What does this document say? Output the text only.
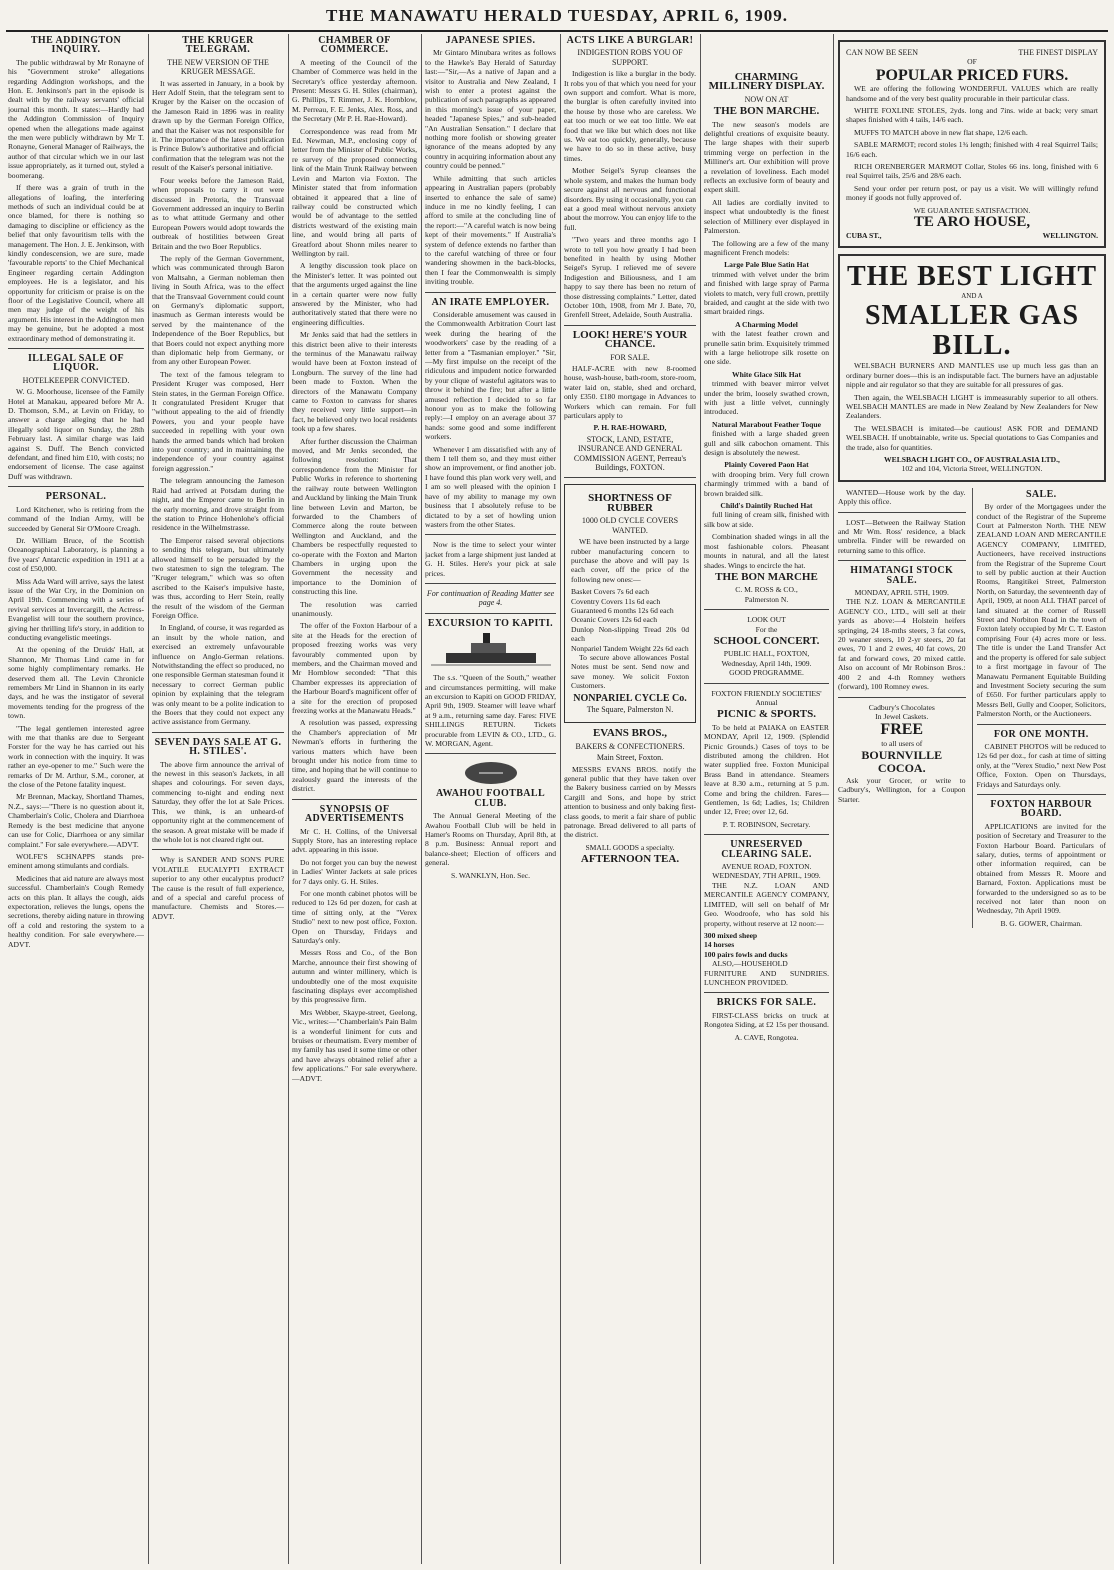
THE MANAWATU HERALD TUESDAY, APRIL 6, 1909.
THE ADDINGTON INQUIRY.

The public withdrawal by Mr Ronayne of his "Government stroke" allegations regarding Addington workshops, and the Hon. E. Jenkinson's part in the episode is dealt with by the railway servants' official journal this month. It states:—Hardly had the Addington Commission of Inquiry opened when the allegations made against the men were publicly withdrawn by Mr T. Ronayne, General Manager of Railways, the author of that circular which we in our last issue appropriately, as it turned out, styled a boomerang.

If there was a grain of truth in the allegations of loafing, the interfering methods of such an individual could be at once blamed, for there is nothing so damaging to discipline or efficiency as the belief that only favouritism tells with the management. The Hon. J. E. Jenkinson, with kindly condescension, we are sure, made 'favourable reports' to the Chief Mechanical Engineer regarding certain Addington employees. He is a legislator, and his opportunity for criticism or praise is on the floor of the Legislative Council, where all men may judge of the weight of his argument. His interest in the Addington men may be genuine, but he adopted a most extraordinary method of demonstrating it.

ILLEGAL SALE OF LIQUOR.
HOTELKEEPER CONVICTED.

W. G. Moorhouse, licensee of the Family Hotel at Manakau, appeared before Mr A. D. Thomson, S.M., at Levin on Friday, to answer a charge alleging that he had illegally sold liquor on Sunday, the 28th February last. A similar charge was laid against S. Duff. The Bench convicted defendant, and fined him £10, with costs; no endorsement of license. The case against Duff was withdrawn.

PERSONAL.

Lord Kitchener, who is retiring from the command of the Indian Army, will be succeeded by General Sir O'Moore Creagh.

Dr. William Bruce, of the Scottish Oceanographical Laboratory, is planning a five years' Antarctic expedition in 1911 at a cost of £50,000.

Miss Ada Ward will arrive, says the latest issue of the War Cry, in the Dominion on April 19th. Commencing with a series of revival services at Invercargill, the Actress-Evangelist will tour the southern province, giving her thrilling life's story, in addition to conducting evangelistic meetings.

At the opening of the Druids' Hall, at Shannon, Mr Thomas Lind came in for some highly complimentary remarks. He deserved them all. The Levin Chronicle remembers Mr Lind in Shannon in its early days, and he was the instigator of several movements tending for the progress of the town.

"The legal gentlemen interested agree with me that thanks are due to Sergeant Forster for the way he has carried out his work in connection with the inquiry. It was rather an eye-opener to me." Such were the remarks of Dr M. Arthur, S.M., coroner, at the close of the Petone fatality inquest.

Mr Brennan, Mackay, Shortland Thames, N.Z., says:—"There is no question about it, Chamberlain's Colic, Cholera and Diarrhoea Remedy is the best medicine that anyone can use for Colic, Diarrhoea or any similar complaint." For sale everywhere.—ADVT.

WOLFE'S SCHNAPPS stands pre-eminent among stimulants and cordials.

Medicines that aid nature are always most successful. Chamberlain's Cough Remedy acts on this plan. It allays the cough, aids expectoration, relieves the lungs, opens the secretions, thereby aiding nature in throwing off a cold and restoring the system to a healthy condition. For sale everywhere.—ADVT.

THE KRUGER TELEGRAM.
THE NEW VERSION OF THE KRUGER MESSAGE.

It was asserted in January, in a book by Herr Adolf Stein, that the telegram sent to Kruger by the Kaiser on the occasion of the Jameson Raid in 1896 was in reality drawn up by the German Foreign Office, and that the Kaiser was not responsible for it. The importance of the latest publication is Prince Bulow's authoritative and official confirmation that the telegram was not the result of the Kaiser's personal initiative.

Four weeks before the Jameson Raid, when proposals to carry it out were discussed in Pretoria, the Transvaal Government addressed an inquiry to Berlin as to what attitude Germany and other European Powers would adopt towards the outbreak of hostilities between Great Britain and the two Boer Republics.

The reply of the German Government, which was communicated through Baron von Maltsahn, a German nobleman then living in South Africa, was to the effect that the Transvaal Government could count on Germany's diplomatic support, inasmuch as German interests would be served by the maintenance of the Independence of the Boer Republics, but that Boers could not expect anything more than diplomatic help from Germany, or from any other European Power.

The text of the famous telegram to President Kruger was composed, Herr Stein states, in the German Foreign Office. It congratulated President Kruger that "without appealing to the aid of friendly Powers, you and your people have succeeded in repelling with your own hands the armed bands which had broken into your country; and in maintaining the independence of your country against foreign aggression."

The telegram announcing the Jameson Raid had arrived at Potsdam during the night, and the Emperor came to Berlin in the early morning, and drove straight from the station to Prince Hohenlohe's official residence in the Wilhelmstrasse.

The Emperor raised several objections to sending this telegram, but ultimately allowed himself to be persuaded by the two statesmen to sign the telegram. The "Kruger telegram," which was so often ascribed to the Kaiser's impulsive haste, was thus, according to Herr Stein, really the result of the wisdom of the German Foreign Office.

In England, of course, it was regarded as an insult by the whole nation, and exercised an extremely unfavourable influence on Anglo-German relations. Notwithstanding the effect so produced, no one responsible German statesman found it necessary to correct German public opinion by explaining that the telegram was only meant to be a polite indication to the Boers that they could not expect any active assistance from Germany.

SEVEN DAYS SALE AT G. H. STILES'.

The above firm announce the arrival of the newest in this season's Jackets, in all shapes and colourings. For seven days, commencing to-night and ending next Saturday, they offer the lot at Sale Prices. This, we think, is an unheard-of opportunity right at the commencement of the season. A great mistake will be made if the whole lot is not cleared right out.

Why is SANDER AND SON'S PURE VOLATILE EUCALYPTI EXTRACT superior to any other eucalyptus product? The cause is the result of full experience, and of a special and careful process of manufacture. Chemists and Stores.—ADVT.

CHAMBER OF COMMERCE.

A meeting of the Council of the Chamber of Commerce was held in the Secretary's office yesterday afternoon. Present: Messrs G. H. Stiles (chairman), G. Phillips, T. Rimmer, J. K. Hornblow, M. Perreau, F. E. Jenks, Alex. Ross, and the Secretary (Mr P. H. Rae-Howard).

Correspondence was read from Mr Ed. Newman, M.P., enclosing copy of letter from the Minister of Public Works, re survey of the proposed connecting link of the Main Trunk Railway between Levin and Marton via Foxton. The Minister stated that from information obtained it appeared that a line of railway could be constructed which would be of advantage to the settled districts westward of the existing main line, and would bring all parts of Greatford about Shonn miles nearer to Wellington by rail.

A lengthy discussion took place on the Minister's letter. It was pointed out that the arguments urged against the line in a certain quarter were now fully answered by the Minister, who had authoritatively stated that there were no engineering difficulties.

Mr Jenks said that had the settlers in this district been alive to their interests the terminus of the Manawatu railway would have been at Foxton instead of Longburn. The survey of the line had been made to Foxton. When the directors of the Manawatu Company came to Foxton to canvass for shares they received very little support—in fact, he believed only two local residents took up a few shares.

After further discussion the Chairman moved, and Mr Jenks seconded, the following resolution: That correspondence from the Minister for Public Works in reference to shortening the railway route between Wellington and Auckland by linking the Main Trunk line between Levin and Marton, be forwarded to the Chambers of Commerce along the route between Wellington and Auckland, and the Chambers be respectfully requested to co-operate with the Foxton and Marton Chambers in urging upon the Government the necessity and importance to the Dominion of constructing this line.

The resolution was carried unanimously.

The offer of the Foxton Harbour of a site at the Heads for the erection of proposed freezing works was very favourably commented upon by members, and the Chairman moved and Mr Hornblow seconded: "That this Chamber expresses its appreciation of the Harbour Board's magnificent offer of a site for the erection of proposed freezing works at the Manawatu Heads."

A resolution was passed, expressing the Chamber's appreciation of Mr Newman's efforts in furthering the various matters which have been brought under his notice from time to time, and hoping that he will continue to zealously guard the interests of the district.

SYNOPSIS OF ADVERTISEMENTS

Mr C. H. Collins, of the Universal Supply Store, has an interesting replace advt. appearing in this issue.

Do not forget you can buy the newest in Ladies' Winter Jackets at sale prices for 7 days only. G. H. Stiles.

For one month cabinet photos will be reduced to 12s 6d per dozen, for cash at time of sitting only, at the "Verex Studio" next to new post office, Foxton. Open on Thursday, Fridays and Saturday's only.

Messrs Ross and Co., of the Bon Marche, announce their first showing of autumn and winter millinery, which is undoubtedly one of the most exquisite fascinating displays ever accomplished by this progressive firm.

Mrs Webber, Skaype-street, Geelong, Vic., writes:—"Chamberlain's Pain Balm is a wonderful liniment for cuts and bruises or rheumatism. Every member of my family has used it some time or other and have always obtained relief after a few applications." For sale everywhere.—ADVT.

JAPANESE SPIES.

Mr Gintaro Minubara writes as follows to the Hawke's Bay Herald of Saturday last:—"Sir,—As a native of Japan and a visitor to Australia and New Zealand, I wish to enter a protest against the publication of such paragraphs as appeared in this morning's issue of your paper, headed "Japanese Spies," and sub-headed "An Australian Sensation." I declare that nothing more foolish or showing greater ignorance of the means adopted by any country in acquiring information about any country could be penned."

While admitting that such articles appearing in Australian papers (probably inserted to enhance the sale of same) induce in me no kindly feeling, I can afford to smile at the concluding line of the report:—"A careful watch is now being kept of their movements." If Australia's system of defence extends no farther than to the careful watching of three or four wandering showmen in the back-blocks, then I fear the Commonwealth is simply inviting trouble.

AN IRATE EMPLOYER.

Considerable amusement was caused in the Commonwealth Arbitration Court last week during the hearing of the woodworkers' case by the reading of a letter from a "Tasmanian employer." "Sir,—My first impulse on the receipt of the ridiculous and impudent notice forwarded by your clique of wasteful agitators was to throw it behind the fire; but after a little amused reflection I decided to so far honour you as to make the following reply:—I employ on an average about 37 hands: some good and some indifferent workers.

Whenever I am dissatisfied with any of them I tell them so, and they must either show an improvement, or find another job. I have found this plan work very well, and I am so well pleased with the opinion I have of my ability to manage my own business that I absolutely refuse to be dictated to by a set of howling union wasters from the other States.

Now is the time to select your winter jacket from a large shipment just landed at G. H. Stiles. Here's your pick at sale prices.

For continuation of Reading Matter see page 4.
EXCURSION TO KAPITI.

The s.s. "Queen of the South," weather and circumstances permitting, will make an excursion to Kapiti on GOOD FRIDAY, April 9th, 1909. Steamer will leave wharf at 9 a.m., returning same day. Fares: FIVE SHILLINGS RETURN. Tickets procurable from LEVIN & CO., LTD., G. W. MORGAN, Agent.

AWAHOU FOOTBALL CLUB.

The Annual General Meeting of the Awahou Football Club will be held in Hamer's Rooms on Thursday, April 8th, at 8 p.m. Business: Annual report and balance-sheet; Election of officers and general.

S. WANKLYN, Hon. Sec.
ACTS LIKE A BURGLAR!
INDIGESTION ROBS YOU OF SUPPORT.

Indigestion is like a burglar in the body. It robs you of that which you need for your own support and comfort. What is more, the burglar is often carefully invited into the house by those who are careless. We eat too much or we eat too little. We eat food that we like but which does not like us. We eat too quickly, generally, because we have to do so in these active, busy times.

Mother Seigel's Syrup cleanses the whole system, and makes the human body secure against all nervous and functional disorders. By using it occasionally, you can eat a good meal without nervous anxiety about the morrow. You can enjoy life to the full.

"Two years and three months ago I wrote to tell you how greatly I had been benefited in health by using Mother Seigel's Syrup. I relieved me of severe Indigestion and Biliousness, and I am happy to say there has been no return of those distressing complaints." Letter, dated October 10th, 1908, from Mr J. Bate, 70, Grenfell Street, Adelaide, South Australia.

LOOK! HERE'S YOUR CHANCE.
FOR SALE.

HALF-ACRE with new 8-roomed house, wash-house, bath-room, store-room, water laid on, stable, shed and orchard, only £350. £180 mortgage in Advances to Workers which can remain. For full particulars apply to

P. H. RAE-HOWARD,
STOCK, LAND, ESTATE, INSURANCE AND GENERAL COMMISSION AGENT, Perreau's Buildings, FOXTON.
SHORTNESS OF RUBBER
1000 OLD CYCLE COVERS WANTED.

WE have been instructed by a large rubber manufacturing concern to purchase the above and will pay 1s each cover, off the price of the following new ones:—

Basket Covers 7s 6d each
Coventry Covers 11s 6d each
Guaranteed 6 months 12s 6d each
Oceanic Covers 12s 6d each
Dunlop Non-slipping Tread 20s 0d each
Nonpariel Tandem Weight 22s 6d each

To secure above allowances Postal Notes must be sent. Send now and save money. We solicit Foxton Customers.

NONPARIEL CYCLE Co.
The Square, Palmerston N.
EVANS BROS.,
BAKERS & CONFECTIONERS.
Main Street, Foxton.

MESSRS EVANS BROS. notify the general public that they have taken over the Bakery business carried on by Messrs Cargill and Sons, and hope by strict attention to business and only baking first-class goods, to merit a fair share of public patronage. Bread delivered to all parts of the district.

SMALL GOODS a specialty.
AFTERNOON TEA.
CHARMING MILLINERY DISPLAY.
NOW ON AT
THE BON MARCHE.

The new season's models are delightful creations of exquisite beauty. The large shapes with their superb trimming verge on perfection in the Milliner's art. Our exhibition will prove a revelation of loveliness. Each model reflects an exclusive form of beauty and expert skill.

All ladies are cordially invited to inspect what undoubtedly is the finest selection of Millinery ever displayed in Palmerston.

The following are a few of the many magnificent French models:

Large Pale Blue Satin Hat

trimmed with velvet under the brim and finished with large spray of Parma violets to match, very full crown, prettily braided, and caught at the side with two smart braided rings.

A Charming Model

with the latest feather crown and prunelle satin brim. Exquisitely trimmed with a large heliotrope silk rosette on one side.

White Glace Silk Hat

trimmed with beaver mirror velvet under the brim, loosely swathed crown, with just a little velvet, cunningly introduced.

Natural Marabout Feather Toque

finished with a large shaded green gull and silk cabochon ornament. This design is absolutely the newest.

Plainly Covered Paon Hat

with drooping brim. Very full crown charmingly trimmed with a band of brown braided silk.

Child's Daintily Ruched Hat

full lining of cream silk, finished with silk bow at side.

Combination shaded wings in all the most fashionable colors. Pheasant mounts in natural, and all the latest shades. Wings to encircle the hat.

THE BON MARCHE
C. M. ROSS & CO.,
Palmerston N.
LOOK OUT
For the
SCHOOL CONCERT.
PUBLIC HALL, FOXTON,
Wednesday, April 14th, 1909.
GOOD PROGRAMME.
FOXTON FRIENDLY SOCIETIES'
Annual
PICNIC & SPORTS.

To be held at PAIAKA on EASTER MONDAY, April 12, 1909. (Splendid Picnic Grounds.) Cases of toys to be distributed among the children. Hot water supplied free. Foxton Municipal Brass Band in attendance. Steamers leave at 8.30 a.m., returning at 5 p.m. Come and bring the children. Fares—Gentlemen, 1s 6d; Ladies, 1s; Children under 12, Free; over 12, 6d.

P. T. ROBINSON, Secretary.
UNRESERVED CLEARING SALE.
AVENUE ROAD, FOXTON.
WEDNESDAY, 7TH APRIL, 1909.

THE N.Z. LOAN AND MERCANTILE AGENCY COMPANY, LIMITED, will sell on behalf of Mr Geo. Woodroofe, who has sold his property, without reserve at 12 noon:—

300 mixed sheep
14 horses
100 pairs fowls and ducks

ALSO,—HOUSEHOLD FURNITURE AND SUNDRIES. LUNCHEON PROVIDED.

BRICKS FOR SALE.

FIRST-CLASS bricks on truck at Rongotea Siding, at £2 15s per thousand.

A. CAVE, Rongotea.
CAN NOW BE SEEN	THE FINEST DISPLAY
OF
POPULAR PRICED FURS.

WE are offering the following WONDERFUL VALUES which are really handsome and of the very best quality procurable in their particular class.

WHITE FOXLINE STOLES, 2yds. long and 7ins. wide at back; very smart shapes finished with 4 tails, 14/6 each.

MUFFS TO MATCH above in new flat shape, 12/6 each.

SABLE MARMOT; record stoles 1¾ length; finished with 4 real Squirrel Tails; 16/6 each.

RICH ORENBERGER MARMOT Collar, Stoles 66 ins. long, finished with 6 real Squirrel tails, 25/6 and 28/6 each.

Send your order per return post, or pay us a visit. We will willingly refund money if goods not fully approved of.

WE GUARANTEE SATISFACTION.
TE ARO HOUSE,
CUBA ST.,	WELLINGTON.
THE BEST LIGHT
AND A
SMALLER GAS BILL.

WELSBACH BURNERS AND MANTLES use up much less gas than an ordinary burner does—this is an indisputable fact. The burners have an adjustable nipple and air regulator so that they are suitable for all pressures of gas.

Then again, the WELSBACH LIGHT is immeasurably superior to all others. WELSBACH MANTLES are made in New Zealand by New Zealanders for New Zealanders.

The WELSBACH is imitated—be cautious! ASK FOR and DEMAND WELSBACH. If unobtainable, write us. Special quotations to Gas Companies and the trade, also for quantities.

WELSBACH LIGHT CO., OF AUSTRALASIA LTD.,
102 and 104, Victoria Street, WELLINGTON.

WANTED—House work by the day. Apply this office.

LOST—Between the Railway Station and Mr Wm. Ross' residence, a black umbrella. Finder will be rewarded on returning same to this office.

HIMATANGI STOCK SALE.
MONDAY, APRIL 5TH, 1909.

THE N.Z. LOAN & MERCANTILE AGENCY CO., LTD., will sell at their yards as above:—4 Holstein heifers springing, 24 18-mths steers, 3 fat cows, 20 weaner steers, 10 2-yr steers, 20 fat ewes, 70 1 and 2 ewes, 40 fat cows, 20 fat and forward cows, 20 mixed cattle. Also on account of Mr Robinson Bros.: 400 2 and 4-th Romney wethers (forward), 100 Romney ewes.

Cadbury's Chocolates
In Jewel Caskets.
FREE
to all users of
BOURNVILLE
COCOA.

Ask your Grocer, or write to Cadbury's, Wellington, for a Coupon Starter.

SALE.

By order of the Mortgagees under the conduct of the Registrar of the Supreme Court at Palmerston North. THE NEW ZEALAND LOAN AND MERCANTILE AGENCY COMPANY, LIMITED, Auctioneers, have received instructions from the Registrar of the Supreme Court to sell by public auction at their Auction Rooms, Rangitikei Street, Palmerston North, on Saturday, the seventeenth day of April, 1909, at noon ALL THAT parcel of land situated at the corner of Russell Street and Norbiton Road in the town of Foxton lately occupied by Mr C. T. Easton comprising Four (4) acres more or less. The title is under the Land Transfer Act and the property is offered for sale subject to a first mortgage in favour of The Manawatu Permanent Equitable Building and Investment Society securing the sum of £650. For further particulars apply to Messrs Bell, Gully and Cooper, Solicitors, Palmerston North, or the Auctioneers.

FOR ONE MONTH.

CABINET PHOTOS will be reduced to 12s 6d per doz., for cash at time of sitting only, at the "Verex Studio," next New Post Office, Foxton. Open on Thursdays, Fridays and Saturdays only.

FOXTON HARBOUR BOARD.

APPLICATIONS are invited for the position of Secretary and Treasurer to the Foxton Harbour Board. Particulars of salary, duties, terms of appointment or other information required, can be obtained from Messrs R. Moore and Barnard, Foxton. Applications must be forwarded to the undersigned so as to be received not later than noon on Wednesday, 7th April 1909.

B. G. GOWER, Chairman.
